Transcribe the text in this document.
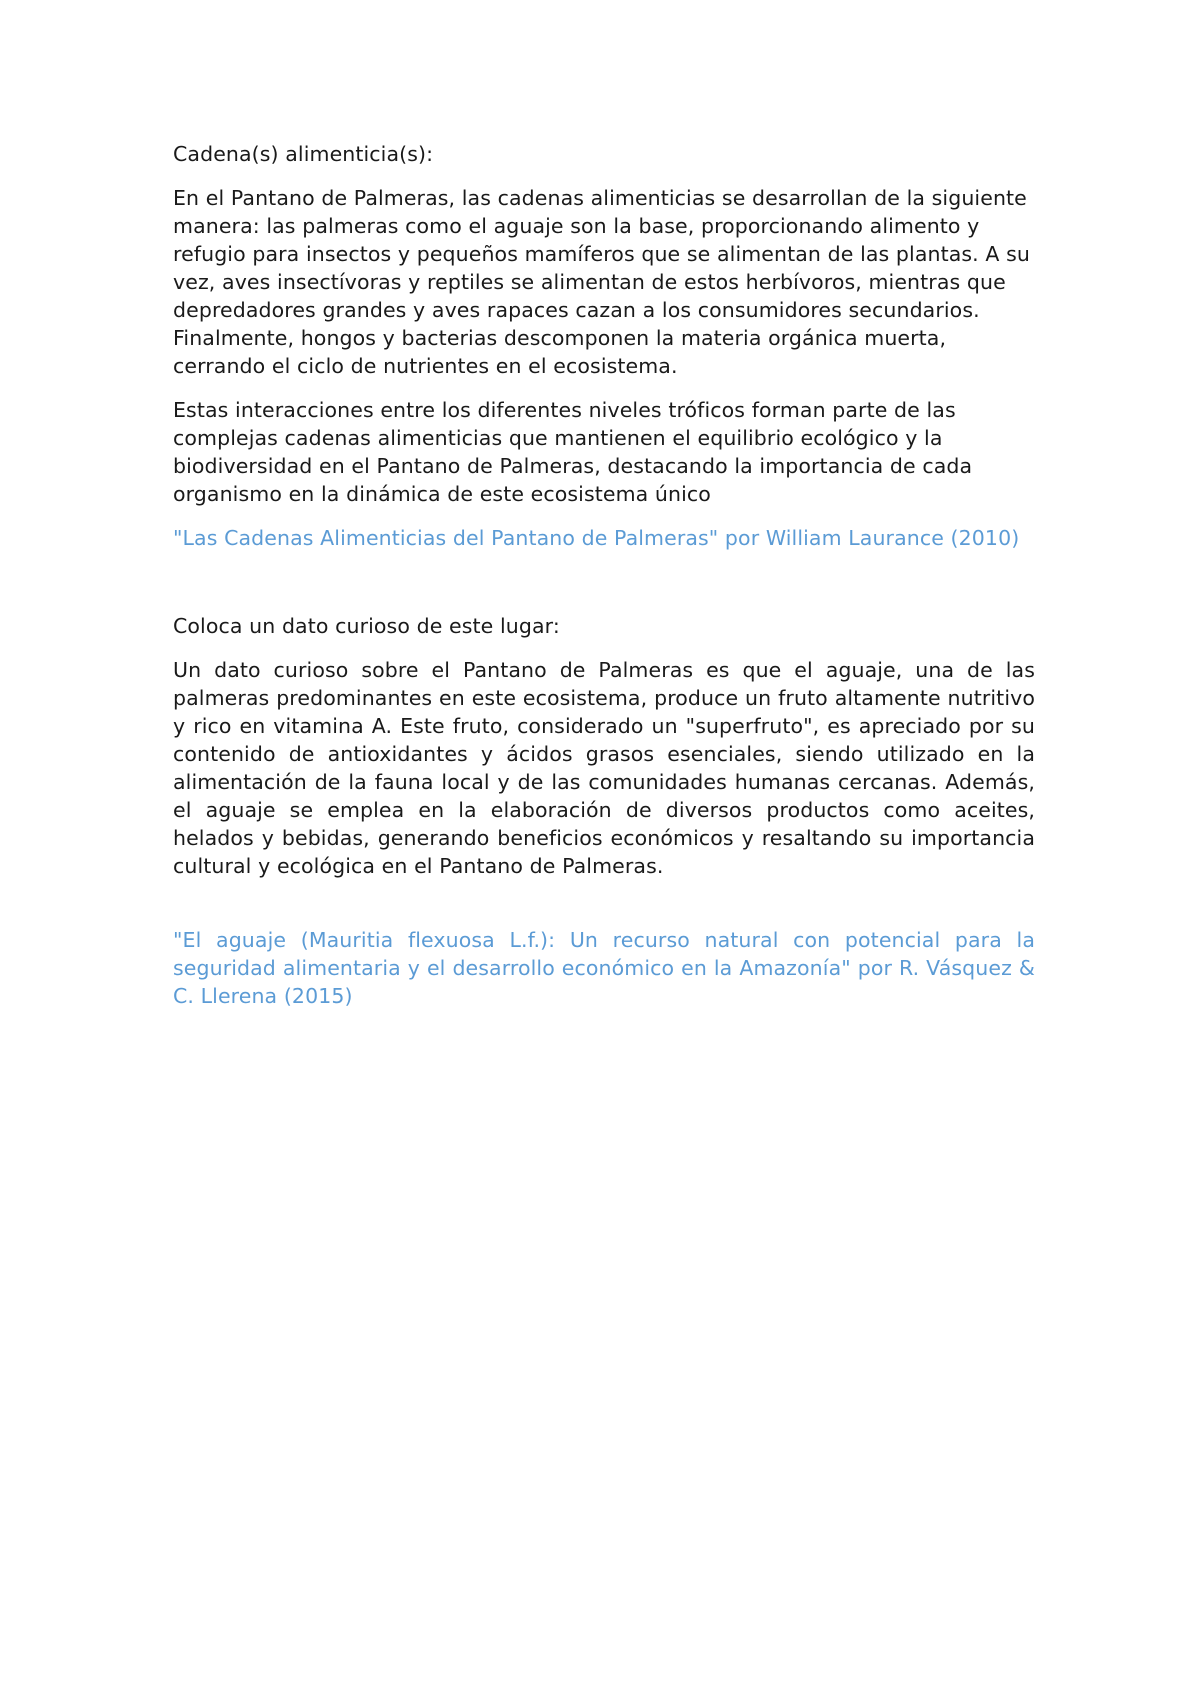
Cadena(s) alimenticia(s):

En el Pantano de Palmeras, las cadenas alimenticias se desarrollan de la siguiente manera: las palmeras como el aguaje son la base, proporcionando alimento y refugio para insectos y pequeños mamíferos que se alimentan de las plantas. A su vez, aves insectívoras y reptiles se alimentan de estos herbívoros, mientras que depredadores grandes y aves rapaces cazan a los consumidores secundarios. Finalmente, hongos y bacterias descomponen la materia orgánica muerta, cerrando el ciclo de nutrientes en el ecosistema.

Estas interacciones entre los diferentes niveles tróficos forman parte de las complejas cadenas alimenticias que mantienen el equilibrio ecológico y la biodiversidad en el Pantano de Palmeras, destacando la importancia de cada organismo en la dinámica de este ecosistema único

"Las Cadenas Alimenticias del Pantano de Palmeras" por William Laurance (2010)

Coloca un dato curioso de este lugar:

Un dato curioso sobre el Pantano de Palmeras es que el aguaje, una de las palmeras predominantes en este ecosistema, produce un fruto altamente nutritivo y rico en vitamina A. Este fruto, considerado un "superfruto", es apreciado por su contenido de antioxidantes y ácidos grasos esenciales, siendo utilizado en la alimentación de la fauna local y de las comunidades humanas cercanas. Además, el aguaje se emplea en la elaboración de diversos productos como aceites, helados y bebidas, generando beneficios económicos y resaltando su importancia cultural y ecológica en el Pantano de Palmeras.

"El aguaje (Mauritia flexuosa L.f.): Un recurso natural con potencial para la seguridad alimentaria y el desarrollo económico en la Amazonía" por R. Vásquez & C. Llerena (2015)
